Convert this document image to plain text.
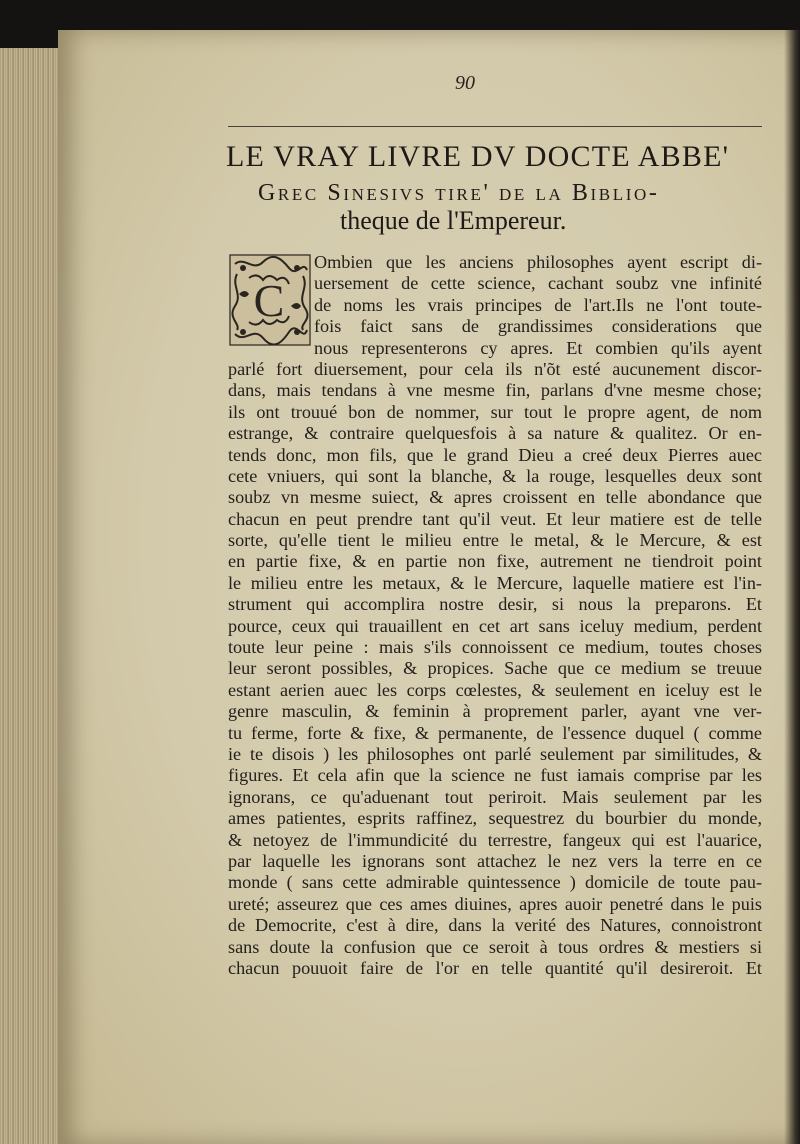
90
LE VRAY LIVRE DV DOCTE ABBE'
Grec Sinesivs tire' de la Biblio-
theque de l'Empereur.
C
Ombien que les anciens philosophes ayent escript di-
uersement de cette science, cachant soubz vne infinité
de noms les vrais principes de l'art.Ils ne l'ont toute-
fois faict sans de grandissimes considerations que
nous representerons cy apres. Et combien qu'ils ayent
parlé fort diuersement, pour cela ils n'õt esté aucunement discor-
dans, mais tendans à vne mesme fin, parlans d'vne mesme chose;
ils ont trouué bon de nommer, sur tout le propre agent, de nom
estrange, & contraire quelquesfois à sa nature & qualitez. Or en-
tends donc, mon fils, que le grand Dieu a creé deux Pierres auec
cete vniuers, qui sont la blanche, & la rouge, lesquelles deux sont
soubz vn mesme suiect, & apres croissent en telle abondance que
chacun en peut prendre tant qu'il veut. Et leur matiere est de telle
sorte, qu'elle tient le milieu entre le metal, & le Mercure, & est
en partie fixe, & en partie non fixe, autrement ne tiendroit point
le milieu entre les metaux, & le Mercure, laquelle matiere est l'in-
strument qui accomplira nostre desir, si nous la preparons. Et
pource, ceux qui trauaillent en cet art sans iceluy medium, perdent
toute leur peine : mais s'ils connoissent ce medium, toutes choses
leur seront possibles, & propices. Sache que ce medium se treuue
estant aerien auec les corps cœlestes, & seulement en iceluy est le
genre masculin, & feminin à proprement parler, ayant vne ver-
tu ferme, forte & fixe, & permanente, de l'essence duquel ( comme
ie te disois ) les philosophes ont parlé seulement par similitudes, &
figures. Et cela afin que la science ne fust iamais comprise par les
ignorans, ce qu'aduenant tout periroit. Mais seulement par les
ames patientes, esprits raffinez, sequestrez du bourbier du monde,
& netoyez de l'immundicité du terrestre, fangeux qui est l'auarice,
par laquelle les ignorans sont attachez le nez vers la terre en ce
monde ( sans cette admirable quintessence ) domicile de toute pau-
ureté; asseurez que ces ames diuines, apres auoir penetré dans le puis
de Democrite, c'est à dire, dans la verité des Natures, connoistront
sans doute la confusion que ce seroit à tous ordres & mestiers si
chacun pouuoit faire de l'or en telle quantité qu'il desireroit. Et
